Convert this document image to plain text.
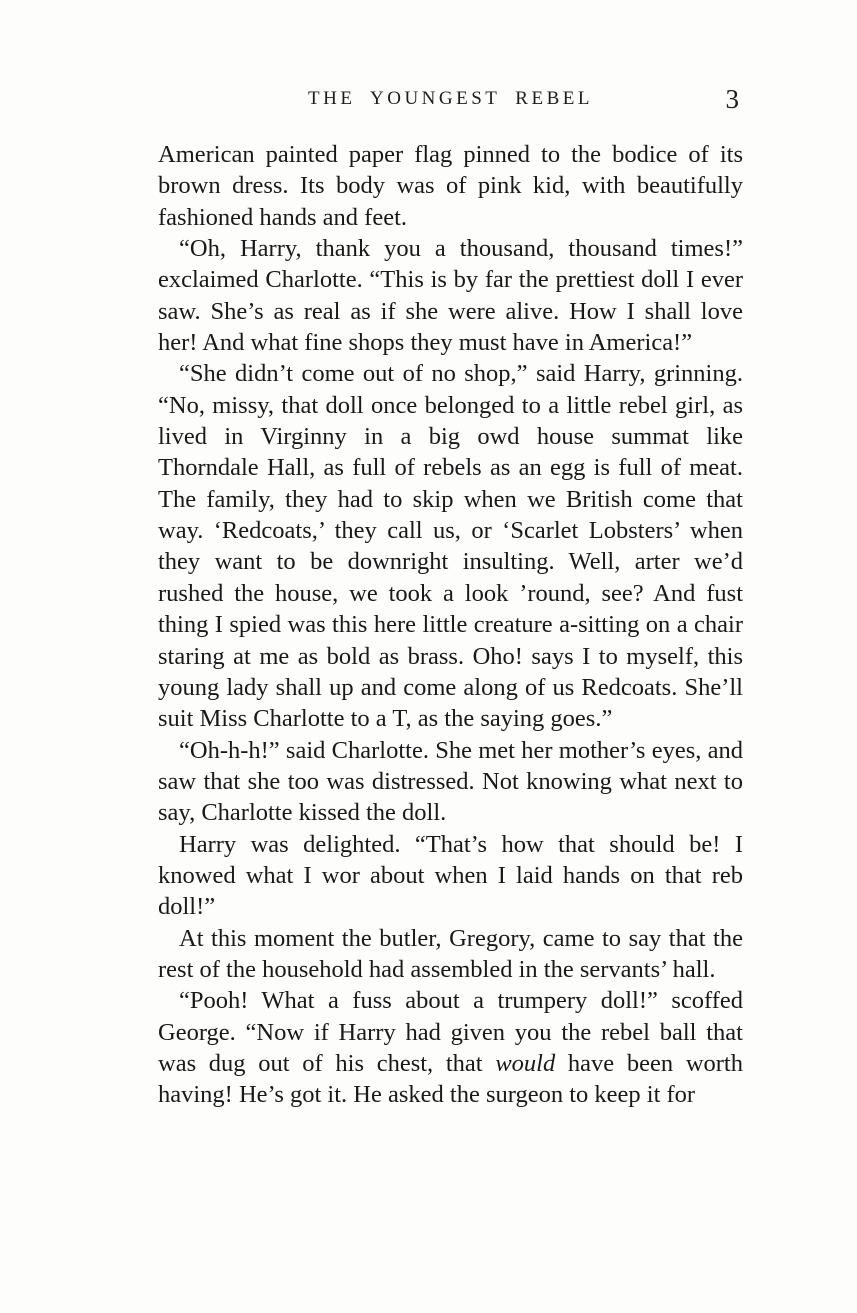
THE YOUNGEST REBEL	3

American painted paper flag pinned to the bodice of its brown dress. Its body was of pink kid, with beautifully fashioned hands and feet.

“Oh, Harry, thank you a thousand, thousand times!” exclaimed Charlotte. “This is by far the prettiest doll I ever saw. She’s as real as if she were alive. How I shall love her! And what fine shops they must have in America!”

“She didn’t come out of no shop,” said Harry, grinning. “No, missy, that doll once belonged to a little rebel girl, as lived in Virginny in a big owd house summat like Thorndale Hall, as full of rebels as an egg is full of meat. The family, they had to skip when we British come that way. ‘Redcoats,’ they call us, or ‘Scarlet Lobsters’ when they want to be downright insulting. Well, arter we’d rushed the house, we took a look ’round, see? And fust thing I spied was this here little creature a-sitting on a chair staring at me as bold as brass. Oho! says I to myself, this young lady shall up and come along of us Redcoats. She’ll suit Miss Charlotte to a T, as the saying goes.”

“Oh-h-h!” said Charlotte. She met her mother’s eyes, and saw that she too was distressed. Not knowing what next to say, Charlotte kissed the doll.

Harry was delighted. “That’s how that should be! I knowed what I wor about when I laid hands on that reb doll!”

At this moment the butler, Gregory, came to say that the rest of the household had assembled in the servants’ hall.

“Pooh! What a fuss about a trumpery doll!” scoffed George. “Now if Harry had given you the rebel ball that was dug out of his chest, that would have been worth having! He’s got it. He asked the surgeon to keep it for
